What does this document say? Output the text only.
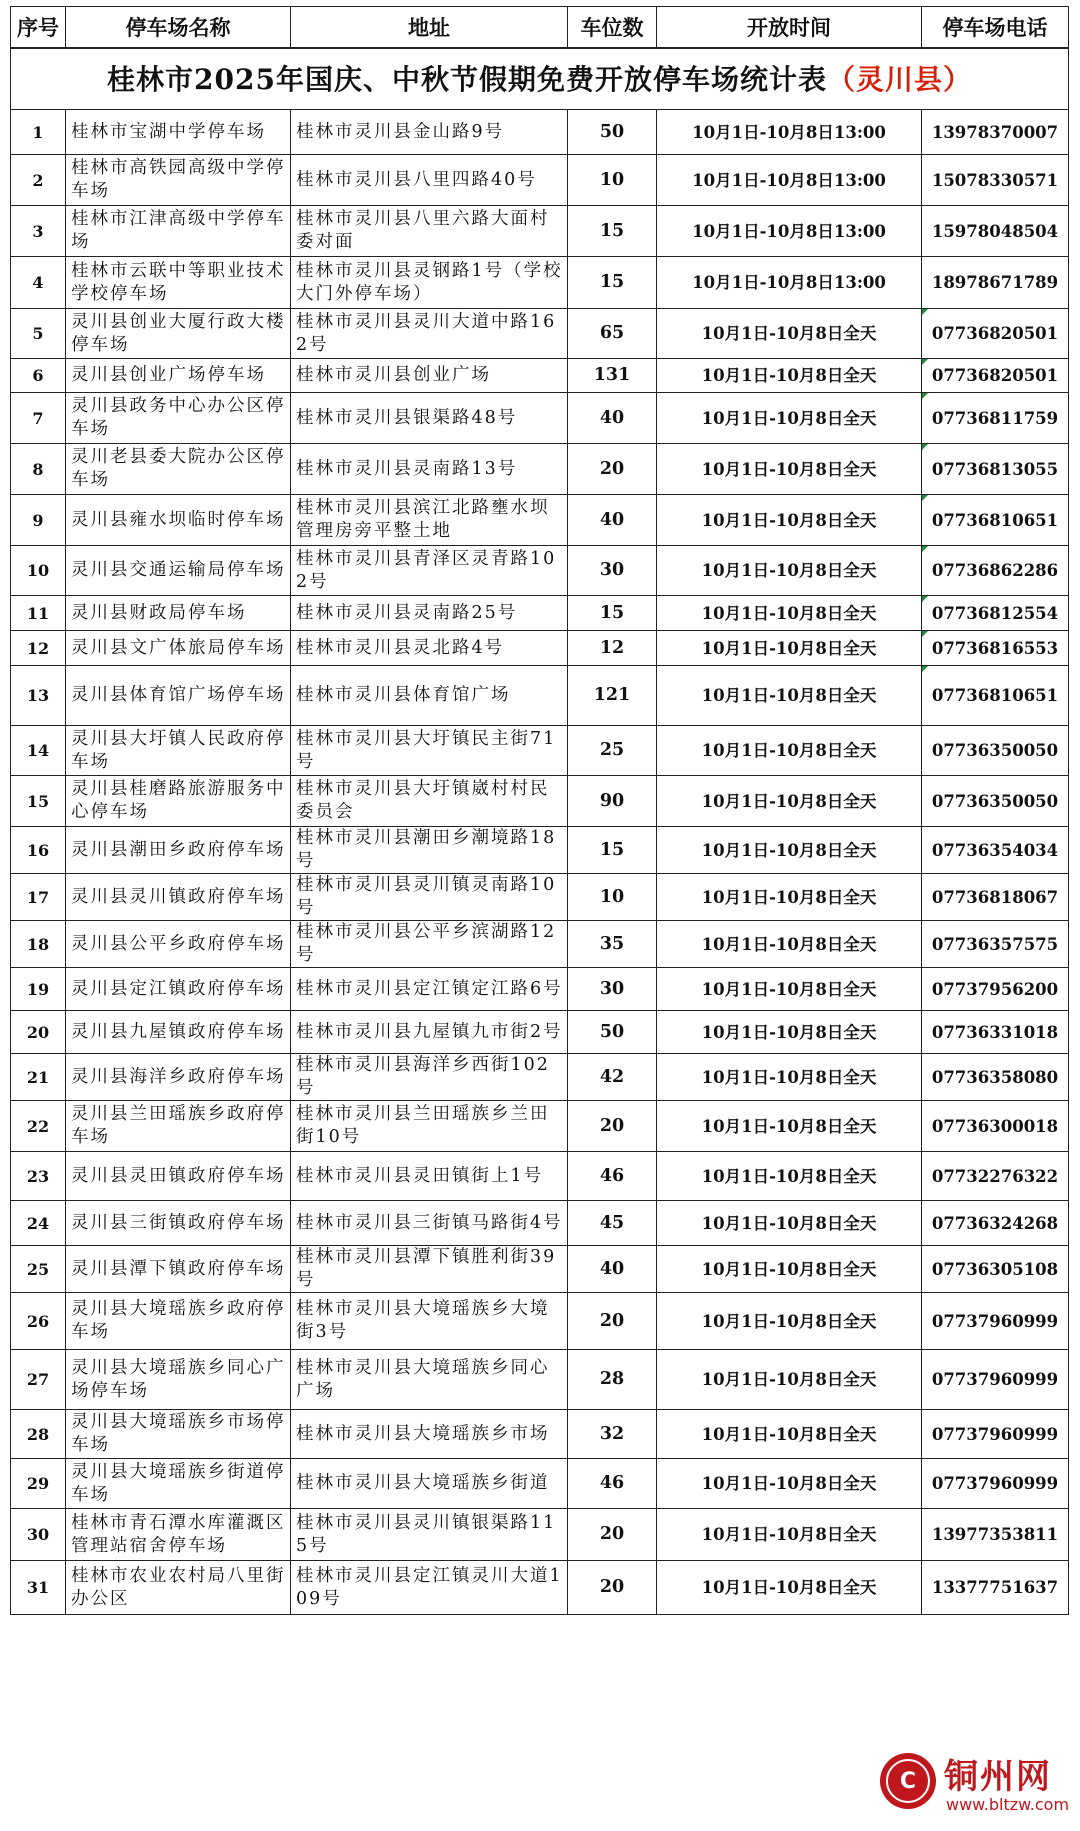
桂林市2025年国庆、中秋节假期免费开放停车场统计表（灵川县）					
序号	停车场名称	地址	车位数	开放时间	停车场电话
1	桂林市宝湖中学停车场	桂林市灵川县金山路9号	50	10月1日-10月8日13:00	13978370007
2	桂林市高铁园高级中学停车场	桂林市灵川县八里四路40号	10	10月1日-10月8日13:00	15078330571
3	桂林市江津高级中学停车场	桂林市灵川县八里六路大面村委对面	15	10月1日-10月8日13:00	15978048504
4	桂林市云联中等职业技术学校停车场	桂林市灵川县灵钢路1号（学校大门外停车场）	15	10月1日-10月8日13:00	18978671789
5	灵川县创业大厦行政大楼停车场	桂林市灵川县灵川大道中路162号	65	10月1日-10月8日全天	07736820501
6	灵川县创业广场停车场	桂林市灵川县创业广场	131	10月1日-10月8日全天	07736820501
7	灵川县政务中心办公区停车场	桂林市灵川县银渠路48号	40	10月1日-10月8日全天	07736811759
8	灵川老县委大院办公区停车场	桂林市灵川县灵南路13号	20	10月1日-10月8日全天	07736813055
9	灵川县雍水坝临时停车场	桂林市灵川县滨江北路壅水坝管理房旁平整土地	40	10月1日-10月8日全天	07736810651
10	灵川县交通运输局停车场	桂林市灵川县青泽区灵青路102号	30	10月1日-10月8日全天	07736862286
11	灵川县财政局停车场	桂林市灵川县灵南路25号	15	10月1日-10月8日全天	07736812554
12	灵川县文广体旅局停车场	桂林市灵川县灵北路4号	12	10月1日-10月8日全天	07736816553
13	灵川县体育馆广场停车场	桂林市灵川县体育馆广场	121	10月1日-10月8日全天	07736810651
14	灵川县大圩镇人民政府停车场	桂林市灵川县大圩镇民主街71号	25	10月1日-10月8日全天	07736350050
15	灵川县桂磨路旅游服务中心停车场	桂林市灵川县大圩镇崴村村民委员会	90	10月1日-10月8日全天	07736350050
16	灵川县潮田乡政府停车场	桂林市灵川县潮田乡潮境路18号	15	10月1日-10月8日全天	07736354034
17	灵川县灵川镇政府停车场	桂林市灵川县灵川镇灵南路10号	10	10月1日-10月8日全天	07736818067
18	灵川县公平乡政府停车场	桂林市灵川县公平乡滨湖路12号	35	10月1日-10月8日全天	07736357575
19	灵川县定江镇政府停车场	桂林市灵川县定江镇定江路6号	30	10月1日-10月8日全天	07737956200
20	灵川县九屋镇政府停车场	桂林市灵川县九屋镇九市街2号	50	10月1日-10月8日全天	07736331018
21	灵川县海洋乡政府停车场	桂林市灵川县海洋乡西街102号	42	10月1日-10月8日全天	07736358080
22	灵川县兰田瑶族乡政府停车场	桂林市灵川县兰田瑶族乡兰田街10号	20	10月1日-10月8日全天	07736300018
23	灵川县灵田镇政府停车场	桂林市灵川县灵田镇街上1号	46	10月1日-10月8日全天	07732276322
24	灵川县三街镇政府停车场	桂林市灵川县三街镇马路街4号	45	10月1日-10月8日全天	07736324268
25	灵川县潭下镇政府停车场	桂林市灵川县潭下镇胜利街39号	40	10月1日-10月8日全天	07736305108
26	灵川县大境瑶族乡政府停车场	桂林市灵川县大境瑶族乡大境街3号	20	10月1日-10月8日全天	07737960999
27	灵川县大境瑶族乡同心广场停车场	桂林市灵川县大境瑶族乡同心广场	28	10月1日-10月8日全天	07737960999
28	灵川县大境瑶族乡市场停车场	桂林市灵川县大境瑶族乡市场	32	10月1日-10月8日全天	07737960999
29	灵川县大境瑶族乡街道停车场	桂林市灵川县大境瑶族乡街道	46	10月1日-10月8日全天	07737960999
30	桂林市青石潭水库灌溉区管理站宿舍停车场	桂林市灵川县灵川镇银渠路115号	20	10月1日-10月8日全天	13977353811
31	桂林市农业农村局八里街办公区	桂林市灵川县定江镇灵川大道109号	20	10月1日-10月8日全天	13377751637
C 铜州网
www.bltzw.com
